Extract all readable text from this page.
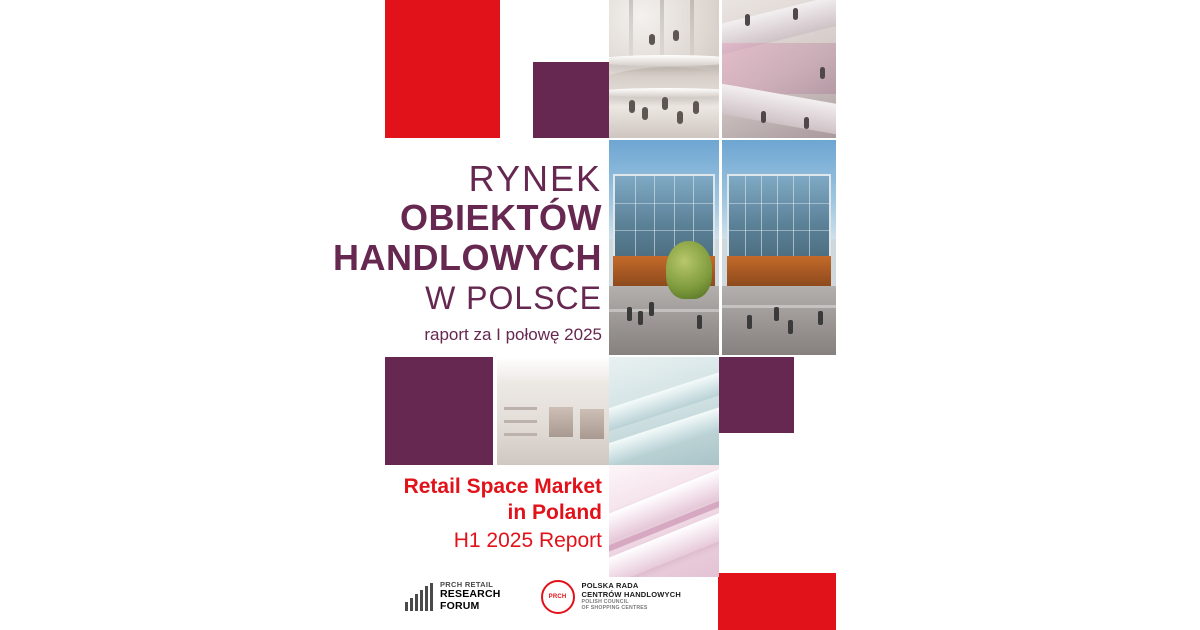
RYNEK
OBIEKTÓW
HANDLOWYCH
W POLSCE
raport za I połowę 2025
Retail Space Market
in Poland
H1 2025 Report
PRCH RETAIL
RESEARCH
FORUM
PRCH
POLSKA RADA
CENTRÓW HANDLOWYCH
POLISH COUNCIL
OF SHOPPING CENTRES
